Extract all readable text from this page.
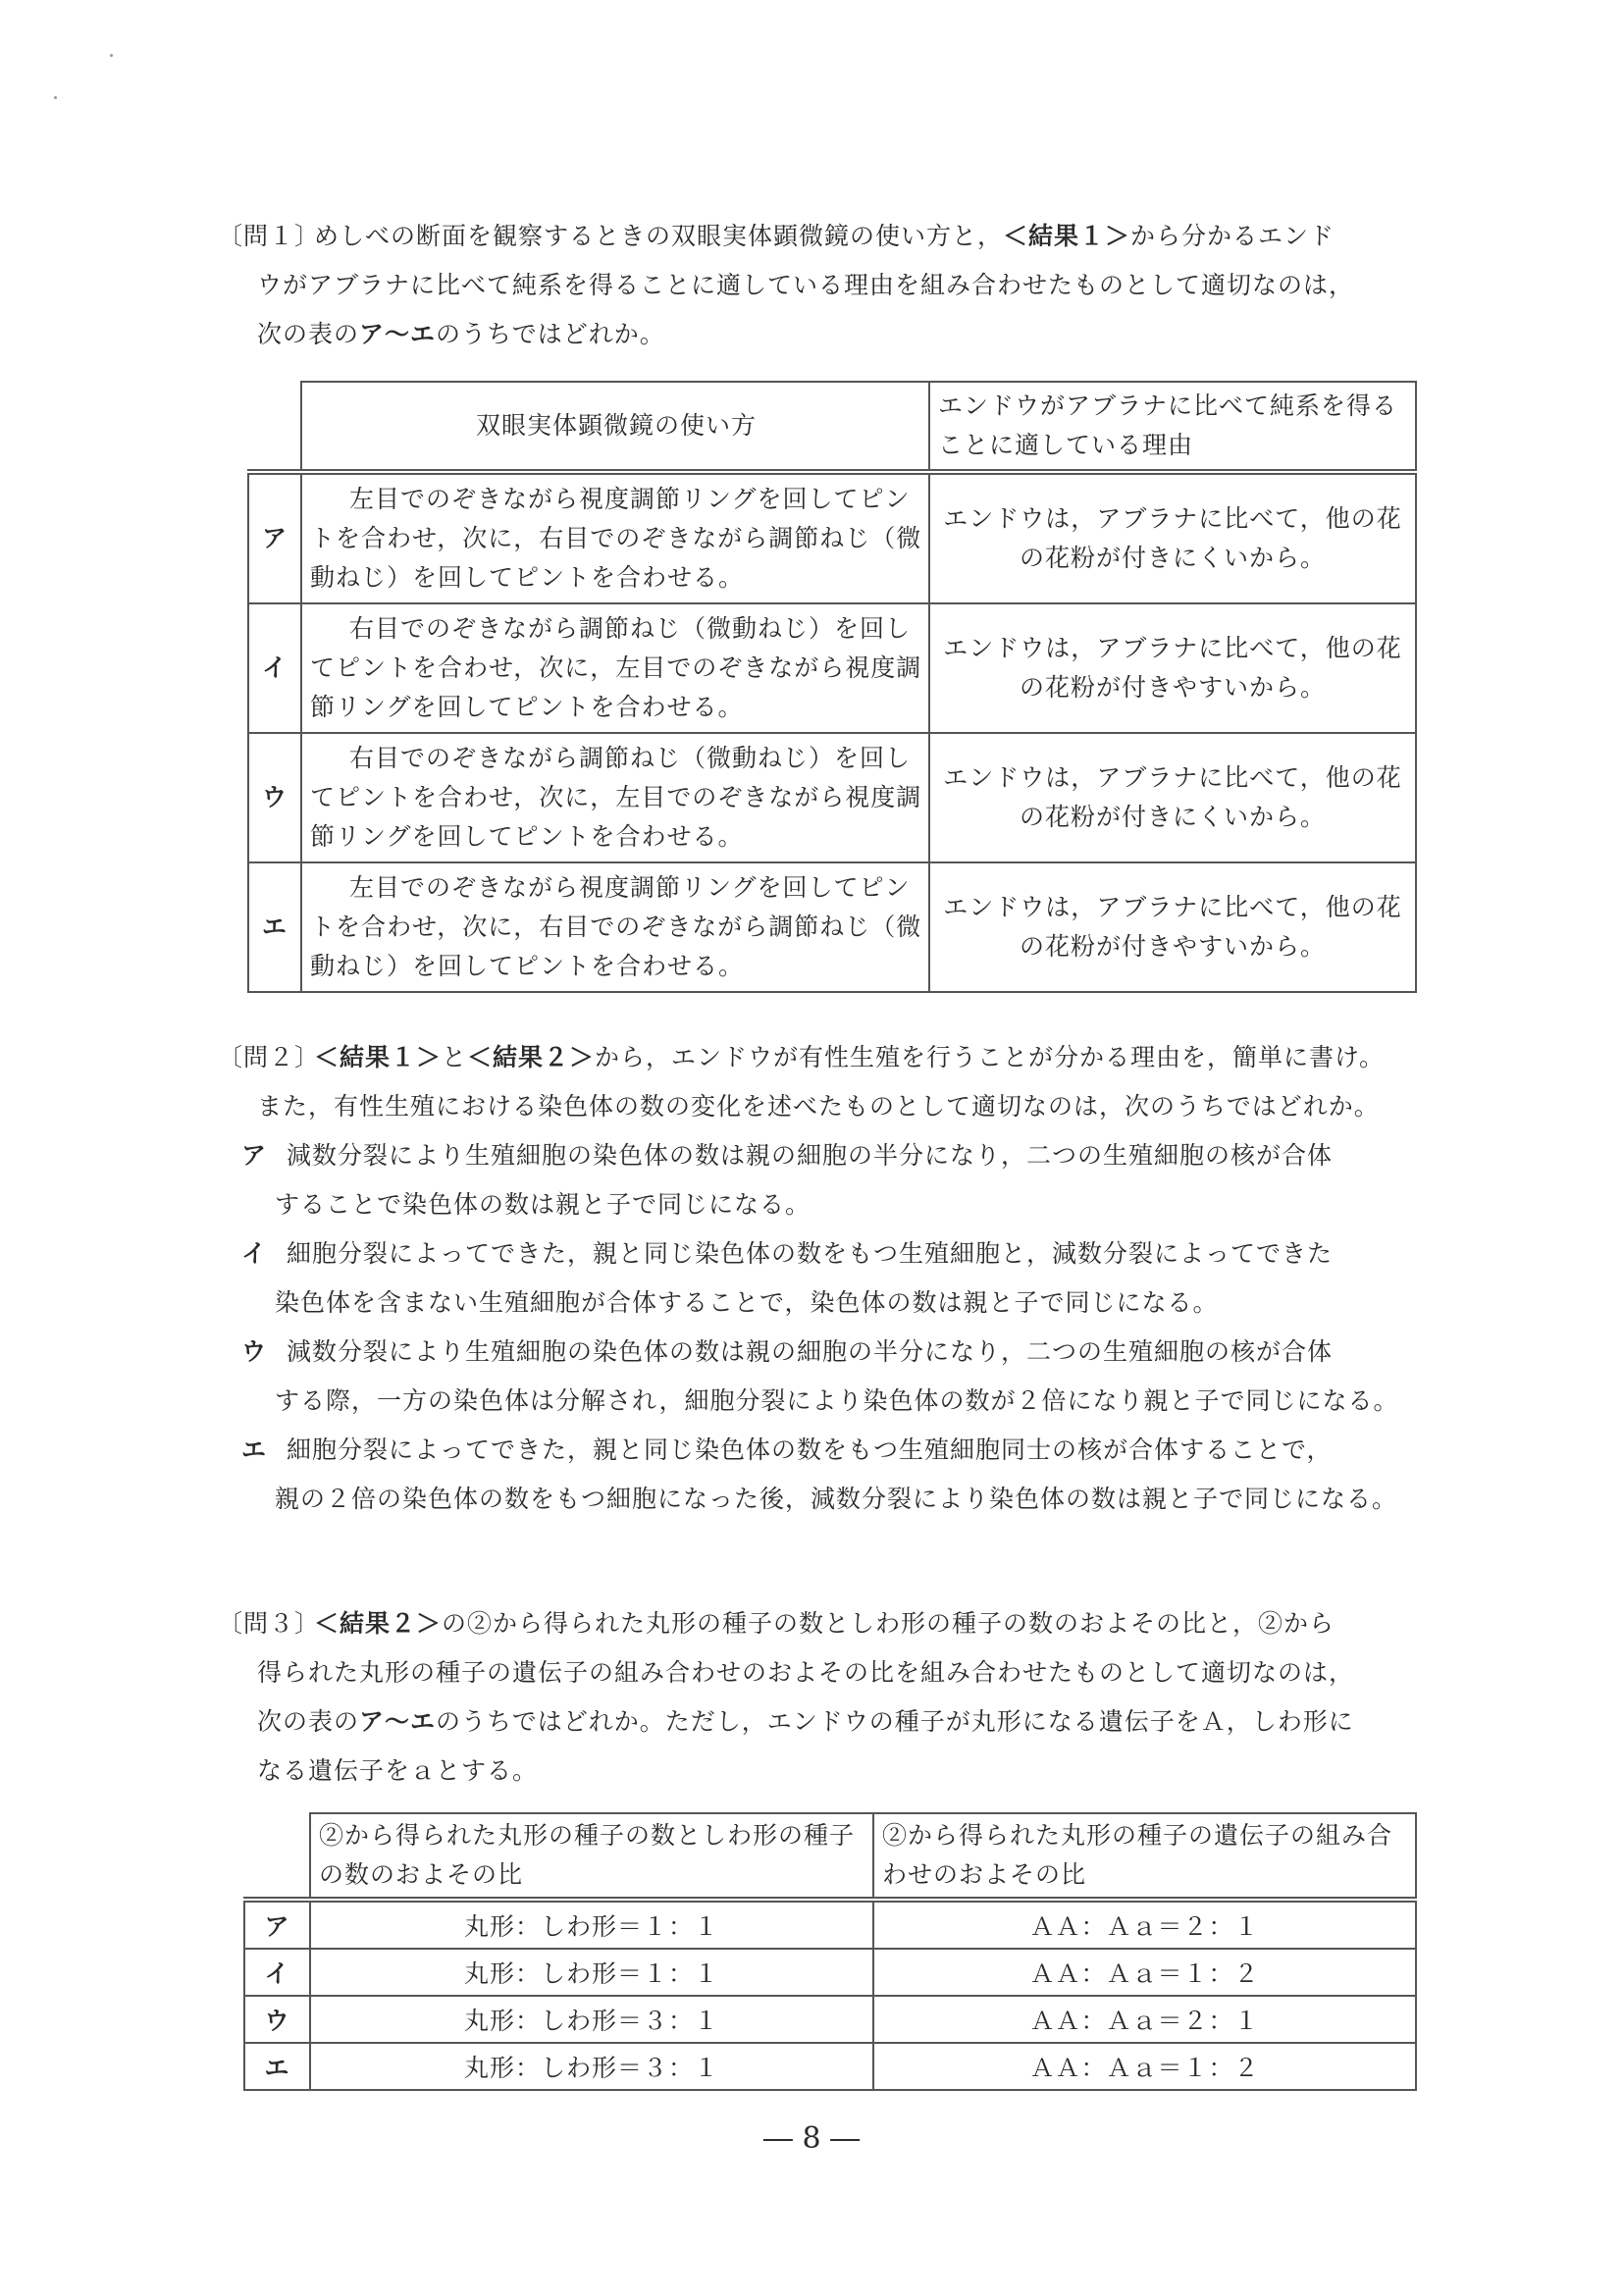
〔問１〕めしべの断面を観察するときの双眼実体顕微鏡の使い方と，＜結果１＞から分かるエンド
ウがアブラナに比べて純系を得ることに適している理由を組み合わせたものとして適切なのは，
次の表のア～エのうちではどれか。
	双眼実体顕微鏡の使い方	エンドウがアブラナに比べて純系を得ることに適している理由
ア	左目でのぞきながら視度調節リングを回してピントを合わせ，次に，右目でのぞきながら調節ねじ（微動ねじ）を回してピントを合わせる。	エンドウは，アブラナに比べて，他の花の花粉が付きにくいから。
イ	右目でのぞきながら調節ねじ（微動ねじ）を回してピントを合わせ，次に，左目でのぞきながら視度調節リングを回してピントを合わせる。	エンドウは，アブラナに比べて，他の花の花粉が付きやすいから。
ウ	右目でのぞきながら調節ねじ（微動ねじ）を回してピントを合わせ，次に，左目でのぞきながら視度調節リングを回してピントを合わせる。	エンドウは，アブラナに比べて，他の花の花粉が付きにくいから。
エ	左目でのぞきながら視度調節リングを回してピントを合わせ，次に，右目でのぞきながら調節ねじ（微動ねじ）を回してピントを合わせる。	エンドウは，アブラナに比べて，他の花の花粉が付きやすいから。
〔問２〕＜結果１＞と＜結果２＞から，エンドウが有性生殖を行うことが分かる理由を，簡単に書け。
また，有性生殖における染色体の数の変化を述べたものとして適切なのは，次のうちではどれか。
ア 減数分裂により生殖細胞の染色体の数は親の細胞の半分になり，二つの生殖細胞の核が合体
することで染色体の数は親と子で同じになる。
イ 細胞分裂によってできた，親と同じ染色体の数をもつ生殖細胞と，減数分裂によってできた
染色体を含まない生殖細胞が合体することで，染色体の数は親と子で同じになる。
ウ 減数分裂により生殖細胞の染色体の数は親の細胞の半分になり，二つの生殖細胞の核が合体
する際，一方の染色体は分解され，細胞分裂により染色体の数が２倍になり親と子で同じになる。
エ 細胞分裂によってできた，親と同じ染色体の数をもつ生殖細胞同士の核が合体することで，
親の２倍の染色体の数をもつ細胞になった後，減数分裂により染色体の数は親と子で同じになる。
〔問３〕＜結果２＞の②から得られた丸形の種子の数としわ形の種子の数のおよその比と，②から
得られた丸形の種子の遺伝子の組み合わせのおよその比を組み合わせたものとして適切なのは，
次の表のア～エのうちではどれか。ただし，エンドウの種子が丸形になる遺伝子をＡ，しわ形に
なる遺伝子をａとする。
	②から得られた丸形の種子の数としわ形の種子の数のおよその比	②から得られた丸形の種子の遺伝子の組み合わせのおよその比
ア	丸形：しわ形＝１：１	ＡＡ：Ａａ＝２：１
イ	丸形：しわ形＝１：１	ＡＡ：Ａａ＝１：２
ウ	丸形：しわ形＝３：１	ＡＡ：Ａａ＝２：１
エ	丸形：しわ形＝３：１	ＡＡ：Ａａ＝１：２
― 8 ―
